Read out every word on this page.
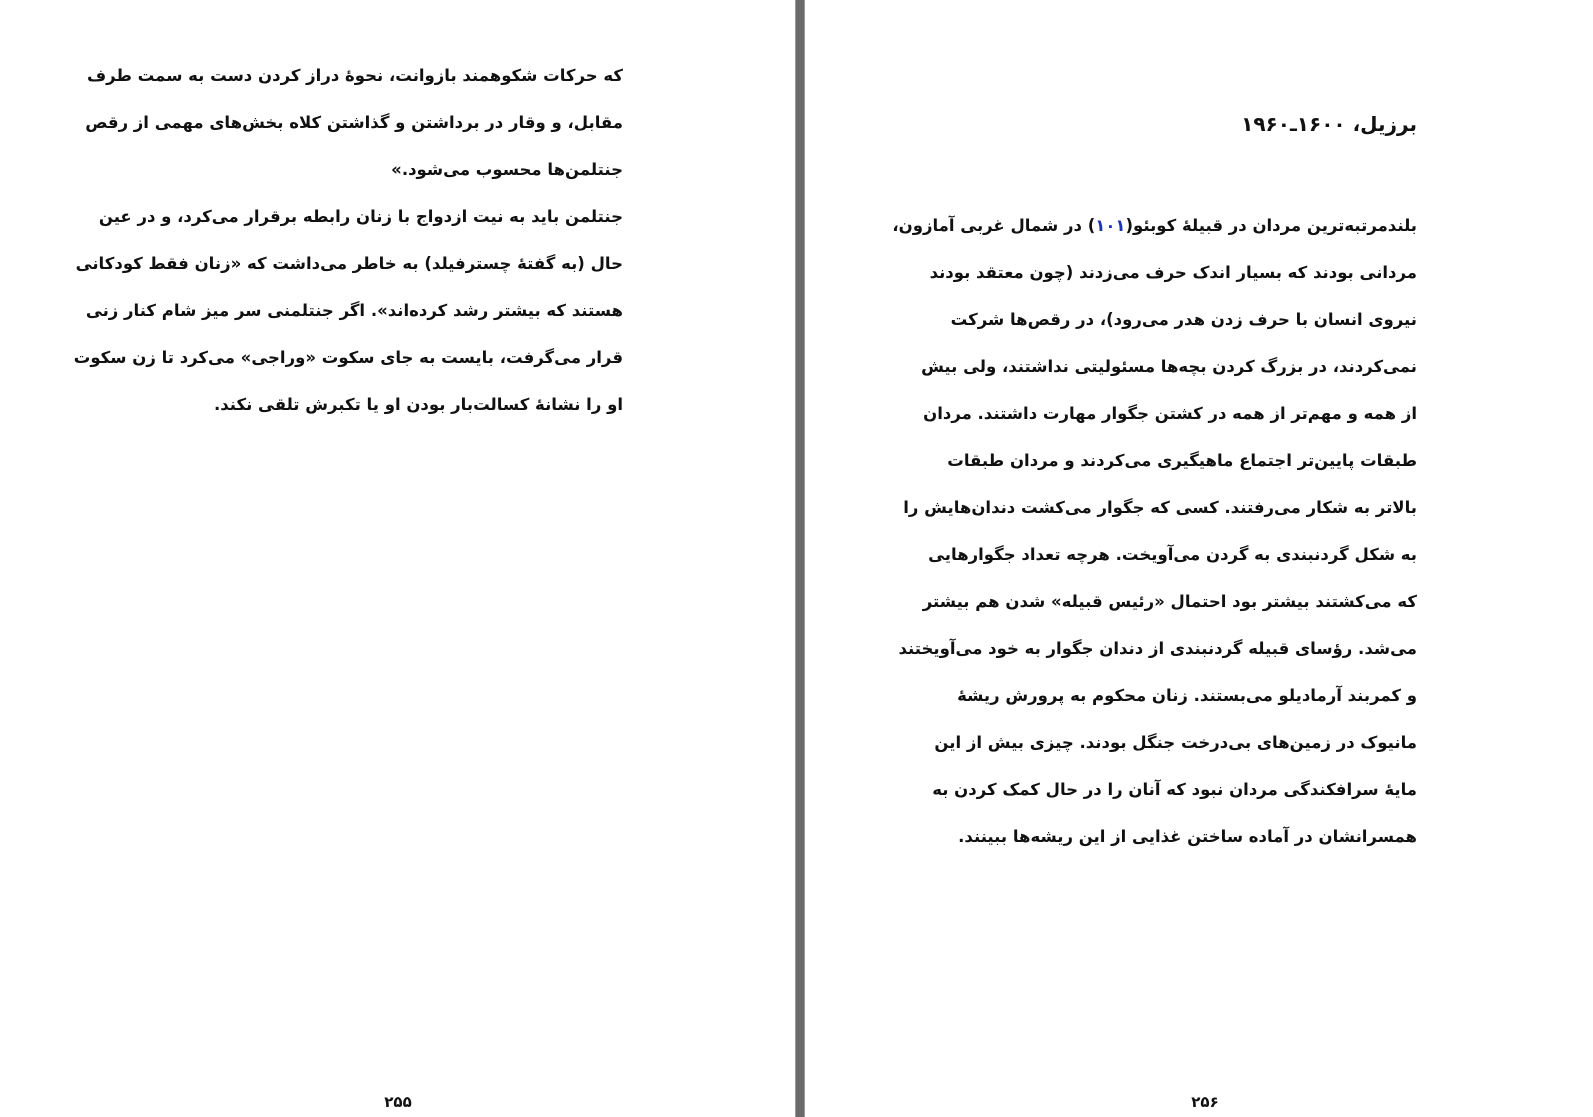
که حرکات شکوهمند بازوانت، نحوهٔ دراز کردن دست به سمت طرف
مقابل، و وقار در برداشتن و گذاشتن کلاه بخش‌های مهمی از رقص
جنتلمن‌ها محسوب می‌شود.»
جنتلمن باید به نیت ازدواج با زنان رابطه برقرار می‌کرد، و در عین
حال (به گفتهٔ چسترفیلد) به خاطر می‌داشت که «زنان فقط کودکانی
هستند که بیشتر رشد کرده‌اند». اگر جنتلمنی سر میز شام کنار زنی
قرار می‌گرفت، بایست به جای سکوت «وراجی» می‌کرد تا زن سکوت
او را نشانهٔ کسالت‌بار بودن او یا تکبرش تلقی نکند.
۲۵۵
برزیل، ۱۶۰۰ـ۱۹۶۰
بلندمرتبه‌ترین مردان در قبیلهٔ کوبئو(۱۰۱) در شمال غربی آمازون،
مردانی بودند که بسیار اندک حرف می‌زدند (چون معتقد بودند
نیروی انسان با حرف زدن هدر می‌رود)، در رقص‌ها شرکت
نمی‌کردند، در بزرگ کردن بچه‌ها مسئولیتی نداشتند، ولی بیش
از همه و مهم‌تر از همه در کشتن جگوار مهارت داشتند. مردان
طبقات پایین‌تر اجتماع ماهیگیری می‌کردند و مردان طبقات
بالاتر به شکار می‌رفتند. کسی که جگوار می‌کشت دندان‌هایش را
به شکل گردنبندی به گردن می‌آویخت. هرچه تعداد جگوارهایی
که می‌کشتند بیشتر بود احتمال «رئیس قبیله» شدن هم بیشتر
می‌شد. رؤسای قبیله گردنبندی از دندان جگوار به خود می‌آویختند
و کمربند آرمادیلو می‌بستند. زنان محکوم به پرورش ریشهٔ
مانیوک در زمین‌های بی‌درخت جنگل بودند. چیزی بیش از این
مایهٔ سرافکندگی مردان نبود که آنان را در حال کمک کردن به
همسرانشان در آماده ساختن غذایی از این ریشه‌ها ببینند.
۲۵۶
